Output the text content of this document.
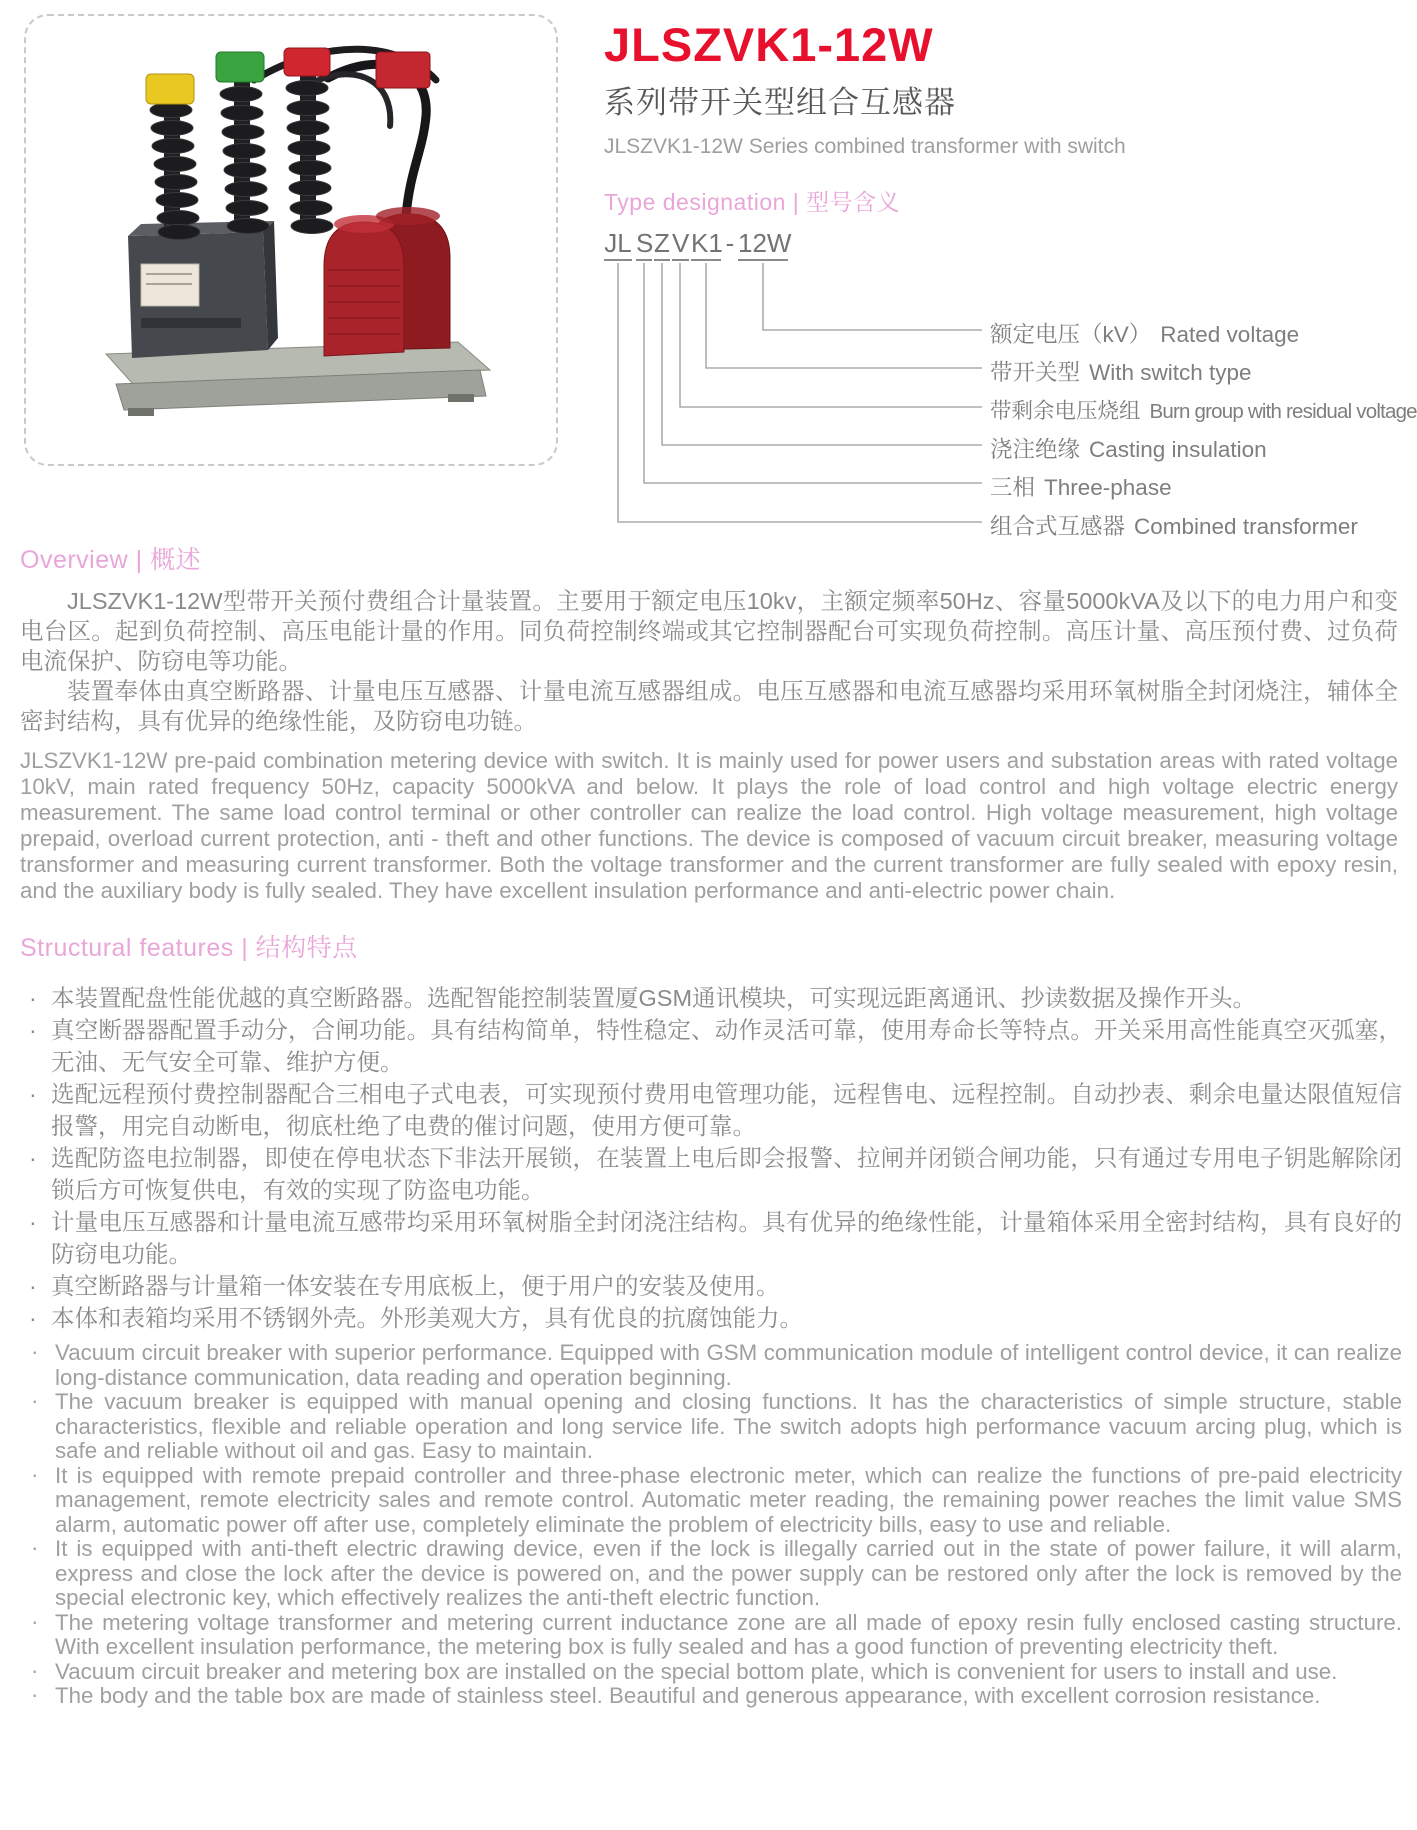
JLSZVK1-12W
系列带开关型组合互感器
JLSZVK1-12W Series combined transformer with switch
Type designation | 型号含义
JL S Z V K1 - 12W
额定电压（kV） Rated voltage
带开关型 With switch type
带剩余电压烧组 Burn group with residual voltage
浇注绝缘 Casting insulation
三相 Three-phase
组合式互感器 Combined transformer
Overview | 概述

JLSZVK1-12W型带开关预付费组合计量装置。主要用于额定电压10kv，主额定频率50Hz、容量5000kVA及以下的电力用户和变电台区。起到负荷控制、高压电能计量的作用。同负荷控制终端或其它控制器配台可实现负荷控制。高压计量、高压预付费、过负荷电流保护、防窃电等功能。

装置奉体由真空断路器、计量电压互感器、计量电流互感器组成。电压互感器和电流互感器均采用环氧树脂全封闭烧注，辅体全密封结构，具有优异的绝缘性能，及防窃电功链。

JLSZVK1-12W pre-paid combination metering device with switch. It is mainly used for power users and substation areas with rated voltage 10kV, main rated frequency 50Hz, capacity 5000kVA and below. It plays the role of load control and high voltage electric energy measurement. The same load control terminal or other controller can realize the load control. High voltage measurement, high voltage prepaid, overload current protection, anti - theft and other functions. The device is composed of vacuum circuit breaker, measuring voltage transformer and measuring current transformer. Both the voltage transformer and the current transformer are fully sealed with epoxy resin, and the auxiliary body is fully sealed. They have excellent insulation performance and anti-electric power chain.
Structural features | 结构特点
· 本装置配盘性能优越的真空断路器。选配智能控制装置厦GSM通讯模块，可实现远距离通讯、抄读数据及操作开头。
· 真空断器器配置手动分，合闸功能。具有结构简单，特性稳定、动作灵活可靠，使用寿命长等特点。开关采用高性能真空灭弧塞，无油、无气安全可靠、维护方便。
· 选配远程预付费控制器配合三相电子式电表，可实现预付费用电管理功能，远程售电、远程控制。自动抄表、剩余电量达限值短信报警，用完自动断电，彻底杜绝了电费的催讨问题，使用方便可靠。
· 选配防盗电拉制器，即使在停电状态下非法开展锁，在装置上电后即会报警、拉闸并闭锁合闸功能，只有通过专用电子钥匙解除闭锁后方可恢复供电，有效的实现了防盗电功能。
· 计量电压互感器和计量电流互感带均采用环氧树脂全封闭浇注结构。具有优异的绝缘性能，计量箱体采用全密封结构，具有良好的防窃电功能。
· 真空断路器与计量箱一体安装在专用底板上，便于用户的安装及使用。
· 本体和表箱均采用不锈钢外壳。外形美观大方，具有优良的抗腐蚀能力。
· Vacuum circuit breaker with superior performance. Equipped with GSM communication module of intelligent control device, it can realize long-distance communication, data reading and operation beginning.
· The vacuum breaker is equipped with manual opening and closing functions. It has the characteristics of simple structure, stable characteristics, flexible and reliable operation and long service life. The switch adopts high performance vacuum arcing plug, which is safe and reliable without oil and gas. Easy to maintain.
· It is equipped with remote prepaid controller and three-phase electronic meter, which can realize the functions of pre-paid electricity management, remote electricity sales and remote control. Automatic meter reading, the remaining power reaches the limit value SMS alarm, automatic power off after use, completely eliminate the problem of electricity bills, easy to use and reliable.
· It is equipped with anti-theft electric drawing device, even if the lock is illegally carried out in the state of power failure, it will alarm, express and close the lock after the device is powered on, and the power supply can be restored only after the lock is removed by the special electronic key, which effectively realizes the anti-theft electric function.
· The metering voltage transformer and metering current inductance zone are all made of epoxy resin fully enclosed casting structure. With excellent insulation performance, the metering box is fully sealed and has a good function of preventing electricity theft.
· Vacuum circuit breaker and metering box are installed on the special bottom plate, which is convenient for users to install and use.
· The body and the table box are made of stainless steel. Beautiful and generous appearance, with excellent corrosion resistance.
